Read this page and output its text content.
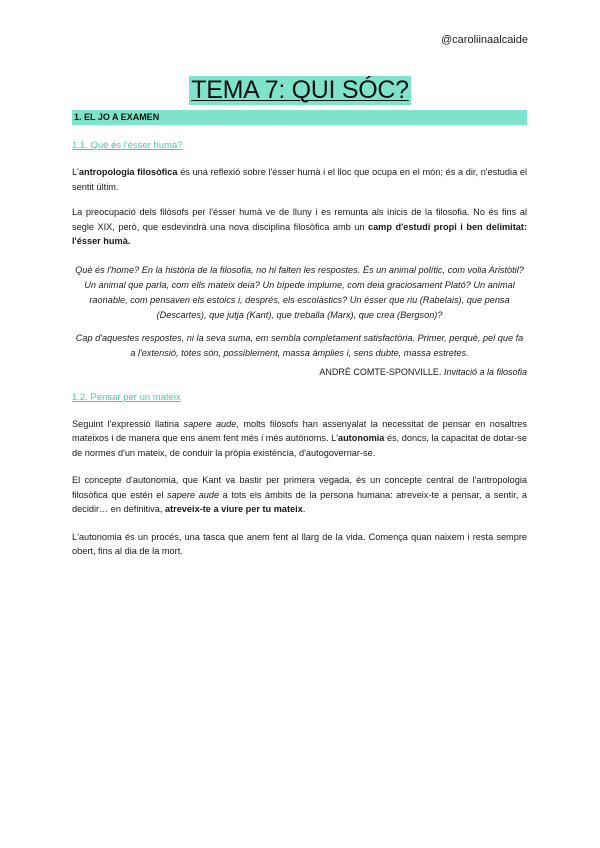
@caroliinaalcaide
TEMA 7: QUI SÓC?
1. EL JO A EXAMEN
1.1. Què és l'ésser humà?

L'antropologia filosòfica és una reflexió sobre l'ésser humà i el lloc que ocupa en el món; és a dir, n'estudia el sentit últim.

La preocupació dels filòsofs per l'ésser humà ve de lluny i es remunta als inicis de la filosofia. No és fins al segle XIX, però, que esdevindrà una nova disciplina filosòfica amb un camp d'estudi propi i ben delimitat: l'ésser humà.

Què és l'home? En la història de la filosofia, no hi falten les respostes. És un animal polític, com volia Aristòtil? Un animal que parla, com ells mateix deia? Un bípede implume, com deia graciosament Plató? Un animal raonable, com pensaven els estoics i, després, els escolàstics? Un ésser que riu (Rabelais), que pensa (Descartes), que jutja (Kant), que treballa (Marx), que crea (Bergson)?
Cap d'aquestes respostes, ni la seva suma, em sembla completament satisfactòria. Primer, perquè, pel que fa a l'extensió, totes són, possiblement, massa àmplies i, sens dubte, massa estretes.
ANDRÉ COMTE-SPONVILLE. Invitació a la filosofia
1.2. Pensar per un mateix

Seguint l'expressió llatina sapere aude, molts filòsofs han assenyalat la necessitat de pensar en nosaltres mateixos i de manera que ens anem fent més i més autònoms. L'autonomia és, doncs, la capacitat de dotar-se de normes d'un mateix, de conduir la pròpia existència, d'autogovernar-se.

El concepte d'autonomia, que Kant va bastir per primera vegada, és un concepte central de l'antropologia filosòfica que estén el sapere aude a tots els àmbits de la persona humana: atreveix-te a pensar, a sentir, a decidir… en definitiva, atreveix-te a viure per tu mateix.

L'autonomia és un procés, una tasca que anem fent al llarg de la vida. Comença quan naixem i resta sempre obert, fins al dia de la mort.
